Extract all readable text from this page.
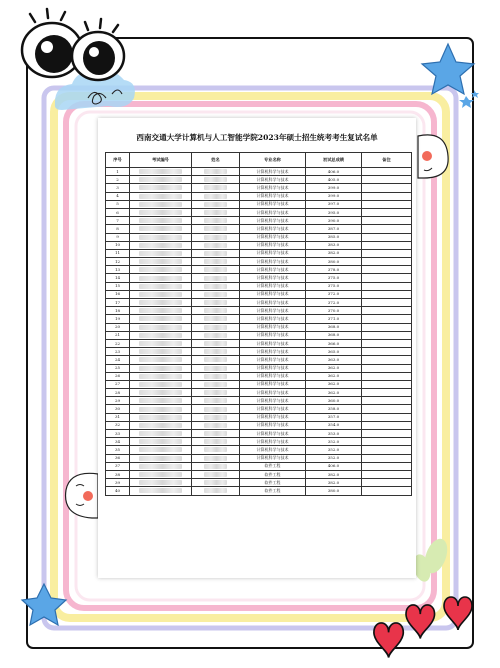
西南交通大学计算机与人工智能学院2023年硕士招生统考考生复试名单
序号	考试编号	姓名	专业名称	初试总成绩	备注
1			计算机科学与技术	406.0	
2			计算机科学与技术	405.0	
3			计算机科学与技术	399.0	
4			计算机科学与技术	399.0	
5			计算机科学与技术	397.0	
6			计算机科学与技术	395.0	
7			计算机科学与技术	390.0	
8			计算机科学与技术	387.0	
9			计算机科学与技术	385.0	
10			计算机科学与技术	383.0	
11			计算机科学与技术	382.0	
12			计算机科学与技术	380.0	
13			计算机科学与技术	378.0	
14			计算机科学与技术	375.0	
15			计算机科学与技术	375.0	
16			计算机科学与技术	372.0	
17			计算机科学与技术	372.0	
18			计算机科学与技术	370.0	
19			计算机科学与技术	371.0	
20			计算机科学与技术	368.0	
21			计算机科学与技术	368.0	
22			计算机科学与技术	366.0	
23			计算机科学与技术	365.0	
24			计算机科学与技术	363.0	
25			计算机科学与技术	362.0	
26			计算机科学与技术	362.0	
27			计算机科学与技术	362.0	
28			计算机科学与技术	362.0	
29			计算机科学与技术	360.0	
30			计算机科学与技术	358.0	
31			计算机科学与技术	357.0	
32			计算机科学与技术	354.0	
33			计算机科学与技术	353.0	
34			计算机科学与技术	352.0	
35			计算机科学与技术	352.0	
36			计算机科学与技术	352.0	
37			软件工程	406.0	
38			软件工程	382.0	
39			软件工程	382.0	
40			软件工程	380.0	
